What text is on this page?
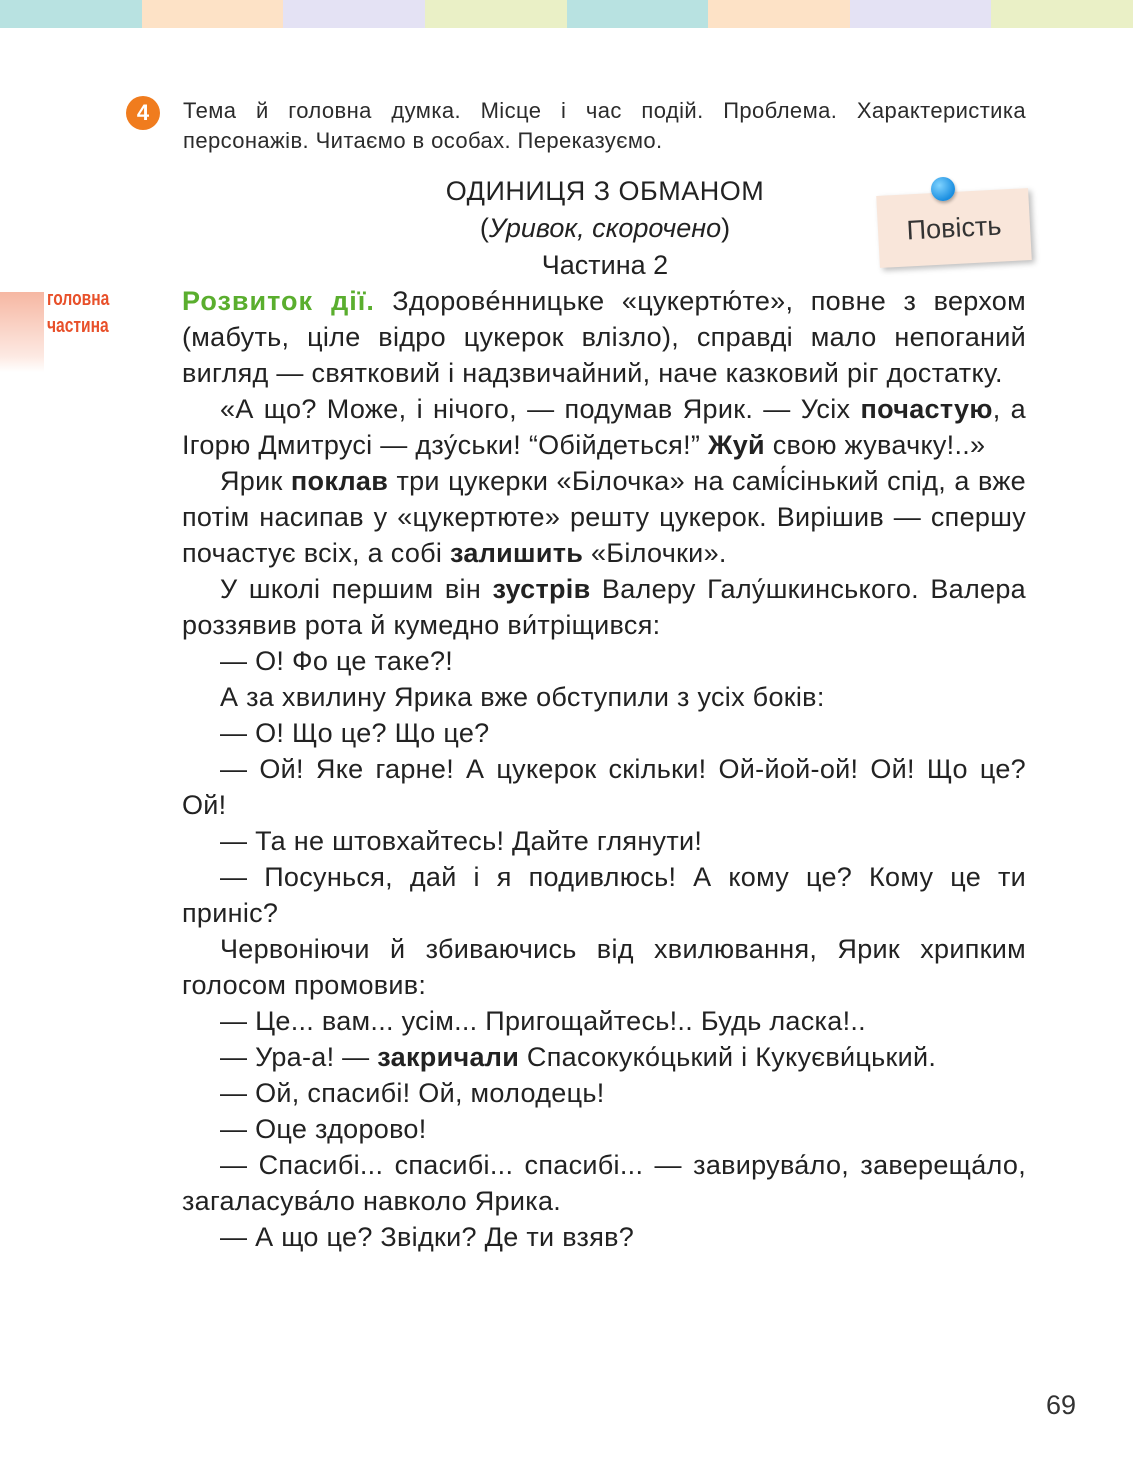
4	Тема й головна думка. Місце і час подій. Проблема. Характеристика персонажів. Читаємо в особах. Переказуємо.
ОДИНИЦЯ З ОБМАНОМ
(Уривок, скорочено)
Частина 2
Повість
головна
частина

Розвиток дії. Здоровéнницьке «цукертю́те», повне з верхом (мабуть, ціле відро цукерок влізло), справді мало непоганий вигляд — святковий і надзвичайний, наче казковий ріг достатку.

«А що? Може, і нічого, — подумав Ярик. — Усіх почастую, а Ігорю Дмитрусі — дзу́ськи! “Обійдеться!” Жуй свою жувачку!..»

Ярик поклав три цукерки «Білочка» на самі́сінький спід, а вже потім насипав у «цукертюте» решту цукерок. Вирішив — спершу почастує всіх, а собі залишить «Білочки».

У школі першим він зустрів Валеру Галу́шкинського. Валера роззявив рота й кумедно ви́тріщився:

— О! Фо це таке?!

А за хвилину Ярика вже обступили з усіх боків:

— О! Що це? Що це?

— Ой! Яке гарне! А цукерок скільки! Ой-йой-ой! Ой! Що це? Ой!

— Та не штовхайтесь! Дайте глянути!

— Посунься, дай і я подивлюсь! А кому це? Кому це ти приніс?

Червоніючи й збиваючись від хвилювання, Ярик хрипким голосом промовив:

— Це... вам... усім... Пригощайтесь!.. Будь ласка!..

— Ура-а! — закричали Спасокуко́цький і Кукуєви́цький.

— Ой, спасибі! Ой, молодець!

— Оце здорово!

— Спасибі... спасибі... спасибі... — завирува́ло, завереща́ло, загаласува́ло навколо Ярика.

— А що це? Звідки? Де ти взяв?

69
